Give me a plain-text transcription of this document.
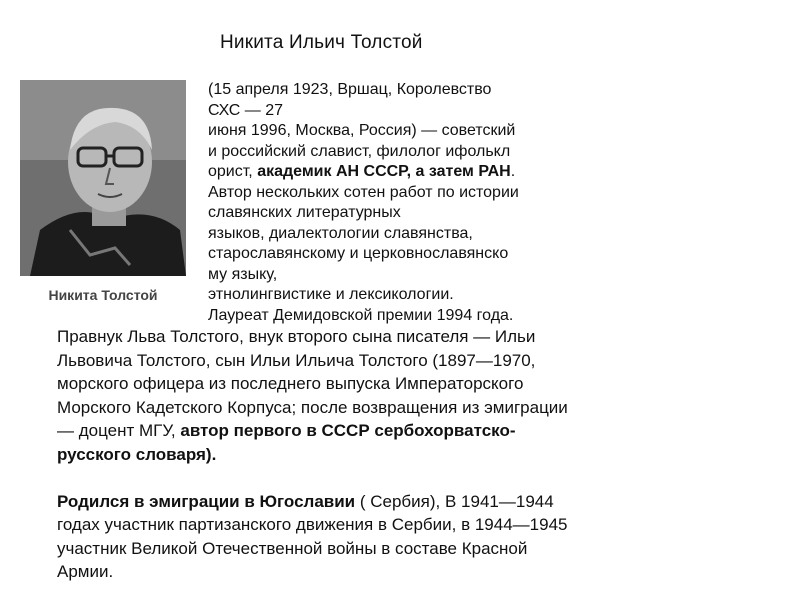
Никита Ильич Толстой
Никита Толстой
(15 апреля 1923, Вршац, Королевство
СХС — 27
июня 1996, Москва, Россия) — советский
и российский славист, филолог ифолькл
орист, академик АН СССР, а затем РАН.
Автор нескольких сотен работ по истории
славянских литературных
языков, диалектологии славянства,
старославянскому и церковнославянско
му языку,
этнолингвистике и лексикологии.
Лауреат Демидовской премии 1994 года.
Правнук Льва Толстого, внук второго сына писателя — Ильи
Львовича Толстого, сын Ильи Ильича Толстого (1897—1970,
морского офицера из последнего выпуска Императорского
Морского Кадетского Корпуса; после возвращения из эмиграции
— доцент МГУ, автор первого в СССР сербохорватско-
русского словаря).
Родился в эмиграции в Югославии ( Сербия), В 1941—1944
годах участник партизанского движения в Сербии, в 1944—1945
участник Великой Отечественной войны в составе Красной
Армии.
